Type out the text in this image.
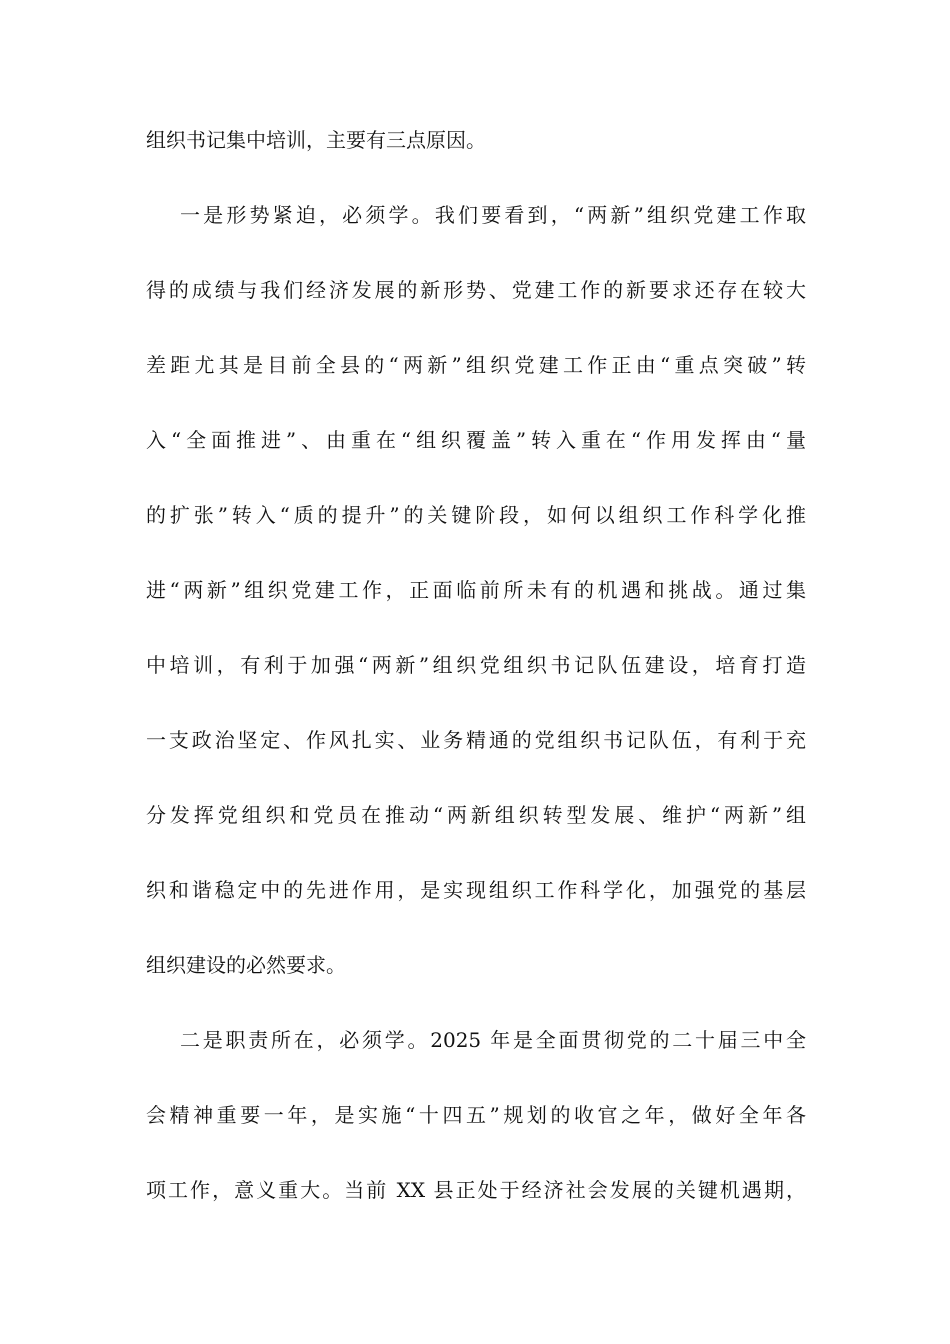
组织书记集中培训，主要有三点原因。
一是形势紧迫，必须学。我们要看到，“两新”组织党建工作取
得的成绩与我们经济发展的新形势、党建工作的新要求还存在较大
差距尤其是目前全县的“两新”组织党建工作正由“重点突破”转
入“全面推进”、由重在“组织覆盖”转入重在“作用发挥由“量
的扩张”转入“质的提升”的关键阶段，如何以组织工作科学化推
进“两新”组织党建工作，正面临前所未有的机遇和挑战。通过集
中培训，有利于加强“两新”组织党组织书记队伍建设，培育打造
一支政治坚定、作风扎实、业务精通的党组织书记队伍，有利于充
分发挥党组织和党员在推动“两新组织转型发展、维护“两新”组
织和谐稳定中的先进作用，是实现组织工作科学化，加强党的基层
组织建设的必然要求。
二是职责所在，必须学。2025 年是全面贯彻党的二十届三中全
会精神重要一年，是实施“十四五”规划的收官之年，做好全年各
项工作，意义重大。当前 XX 县正处于经济社会发展的关键机遇期，
